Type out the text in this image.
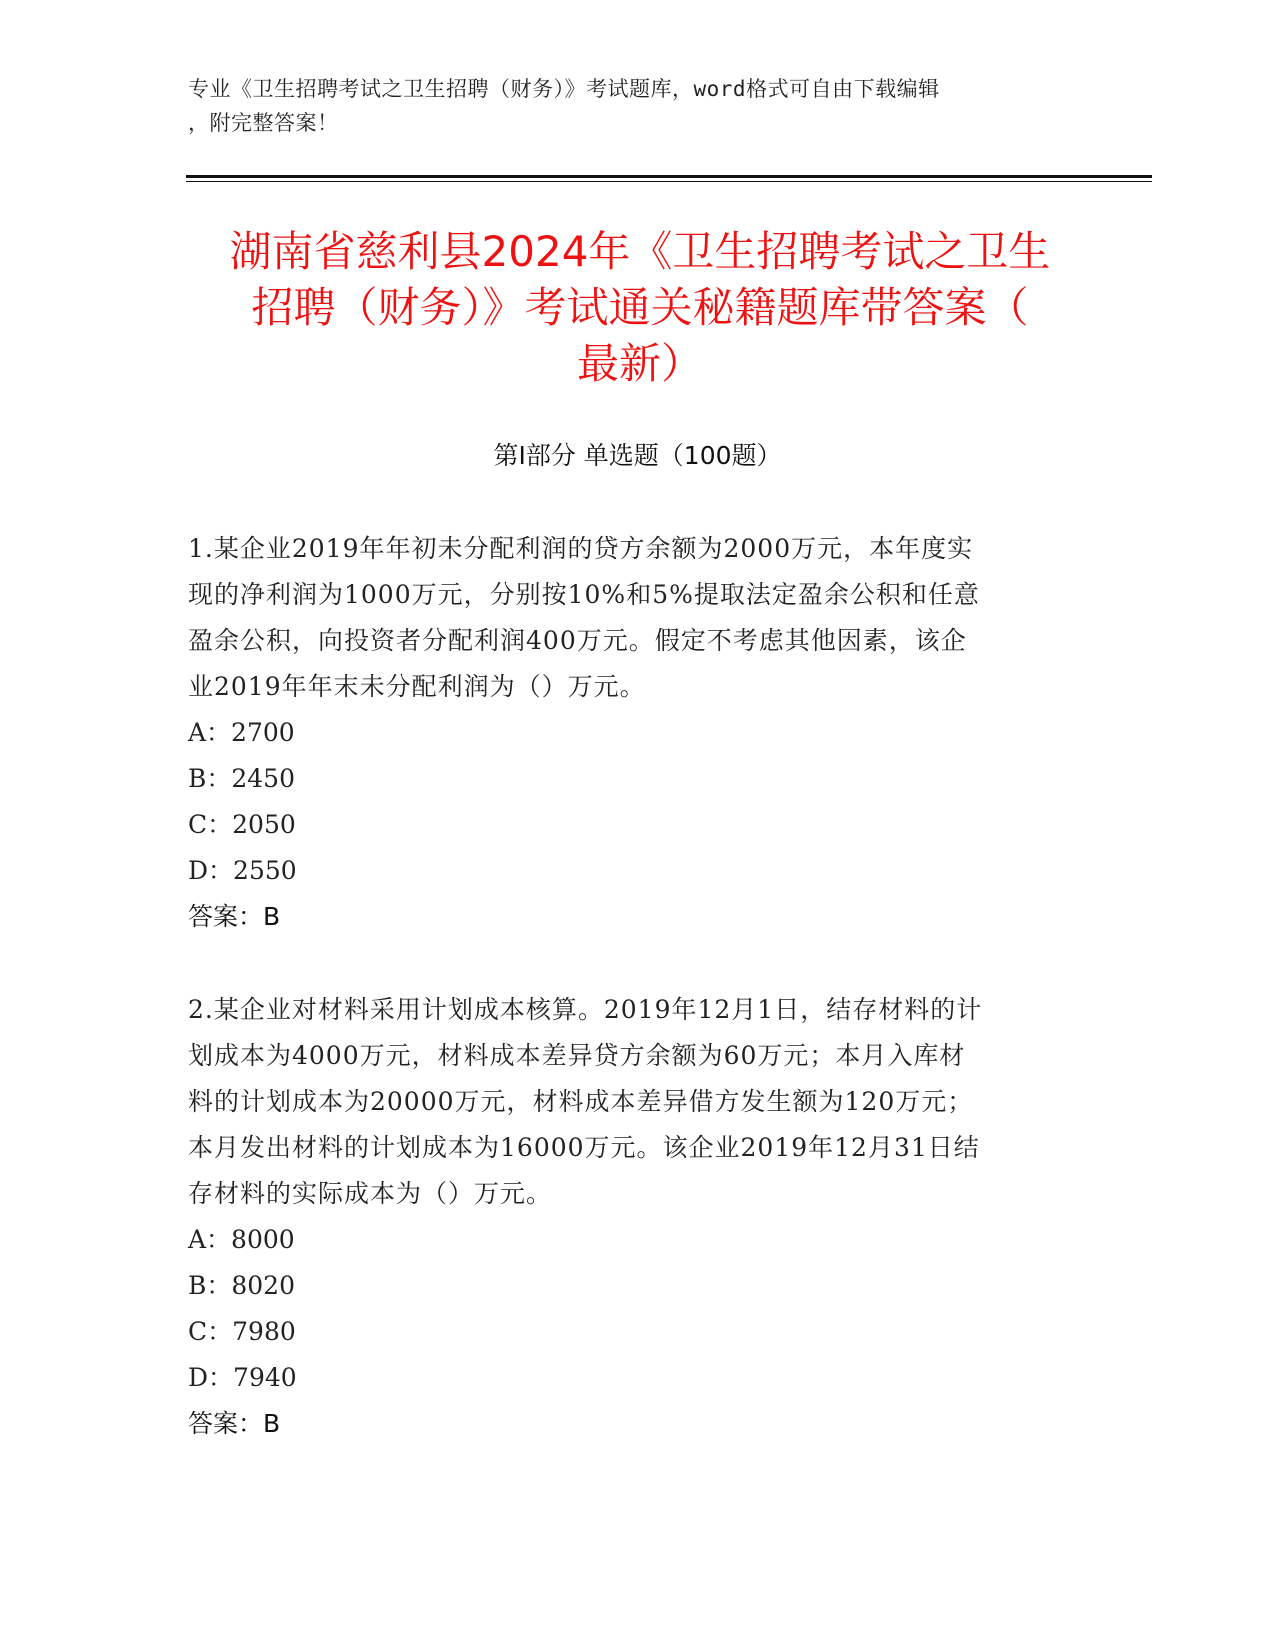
专业《卫生招聘考试之卫生招聘（财务）》考试题库，word格式可自由下载编辑
，附完整答案！
湖南省慈利县2024年《卫生招聘考试之卫生
招聘（财务）》考试通关秘籍题库带答案（
最新）
第I部分 单选题（100题）
1.某企业2019年年初未分配利润的贷方余额为2000万元，本年度实
现的净利润为1000万元，分别按10%和5%提取法定盈余公积和任意
盈余公积，向投资者分配利润400万元。假定不考虑其他因素，该企
业2019年年末未分配利润为（）万元。
A：2700
B：2450
C：2050
D：2550
答案：B
2.某企业对材料采用计划成本核算。2019年12月1日，结存材料的计
划成本为4000万元，材料成本差异贷方余额为60万元；本月入库材
料的计划成本为20000万元，材料成本差异借方发生额为120万元；
本月发出材料的计划成本为16000万元。该企业2019年12月31日结
存材料的实际成本为（）万元。
A：8000
B：8020
C：7980
D：7940
答案：B
